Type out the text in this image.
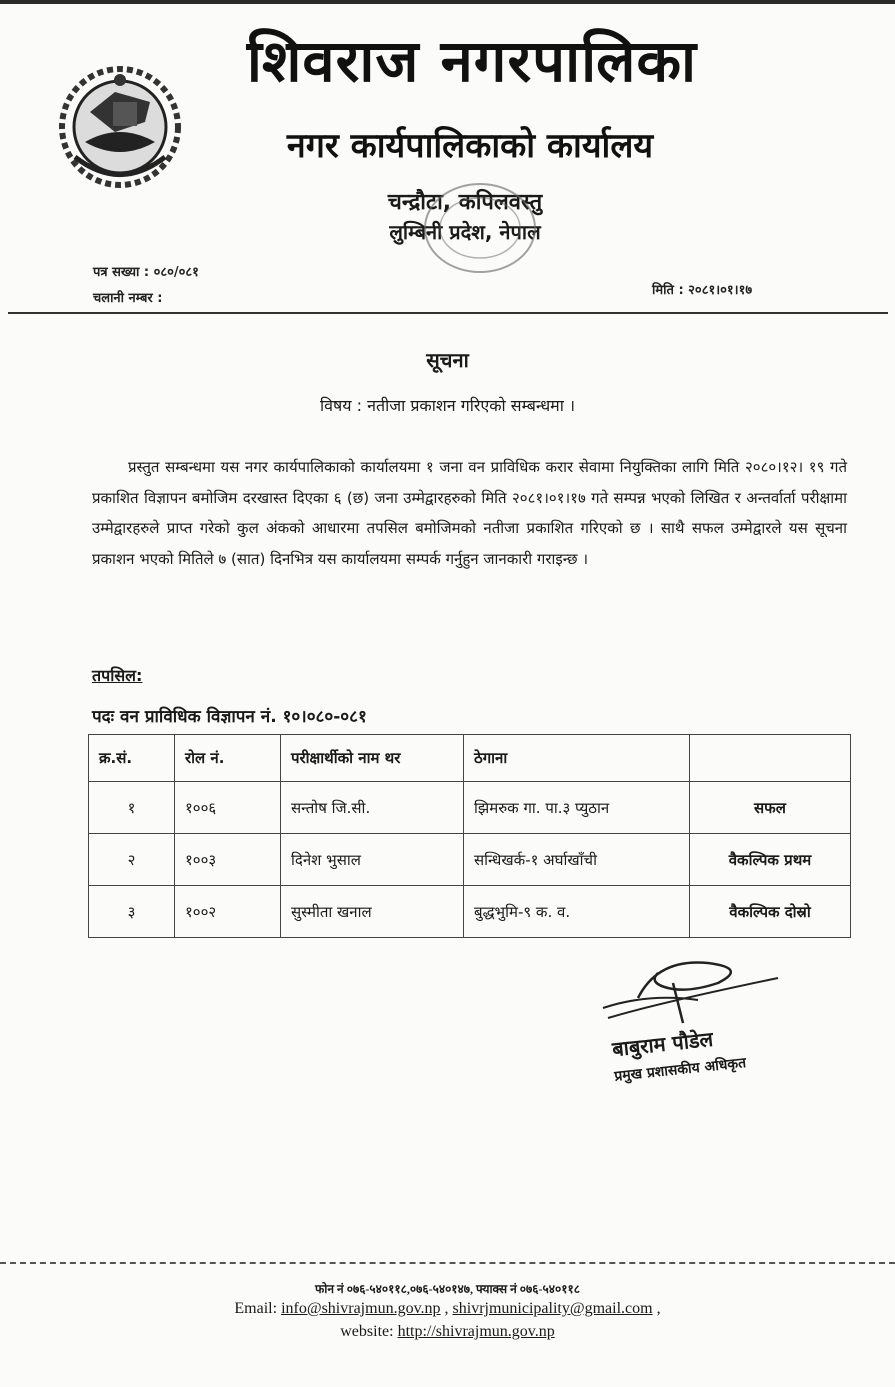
शिवराज नगरपालिका
नगर कार्यपालिकाको कार्यालय
चन्द्रौटा, कपिलवस्तु
लुम्बिनी प्रदेश, नेपाल
पत्र सख्या : ०८०/०८१
चलानी नम्बर :
मिति : २०८१।०१।१७
सूचना
विषय : नतीजा प्रकाशन गरिएको सम्बन्धमा ।
प्रस्तुत सम्बन्धमा यस नगर कार्यपालिकाको कार्यालयमा १ जना वन प्राविधिक करार सेवामा नियुक्तिका लागि मिति २०८०।१२। १९ गते प्रकाशित विज्ञापन बमोजिम दरखास्त दिएका ६ (छ) जना उम्मेद्वारहरुको मिति २०८१।०१।१७ गते सम्पन्न भएको लिखित र अन्तर्वार्ता परीक्षामा उम्मेद्वारहरुले प्राप्त गरेको कुल अंकको आधारमा तपसिल बमोजिमको नतीजा प्रकाशित गरिएको छ । साथै सफल उम्मेद्वारले यस सूचना प्रकाशन भएको मितिले ७ (सात) दिनभित्र यस कार्यालयमा सम्पर्क गर्नुहुन जानकारी गराइन्छ ।
तपसिल:
पदः वन प्राविधिक विज्ञापन नं. १०।०८०-०८१
क्र.सं.	रोल नं.	परीक्षार्थीको नाम थर	ठेगाना	
१	१००६	सन्तोष जि.सी.	झिमरुक गा. पा.३ प्युठान	सफल
२	१००३	दिनेश भुसाल	सन्धिखर्क-१ अर्घाखाँची	वैकल्पिक प्रथम
३	१००२	सुस्मीता खनाल	बुद्धभुमि-९ क. व.	वैकल्पिक दोस्रो
बाबुराम पौडेल
प्रमुख प्रशासकीय अधिकृत
फोन नं ०७६-५४०११८,०७६-५४०१४७, फ्याक्स नं ०७६-५४०११८
Email: info@shivrajmun.gov.np , shivrjmunicipality@gmail.com ,
website: http://shivrajmun.gov.np
